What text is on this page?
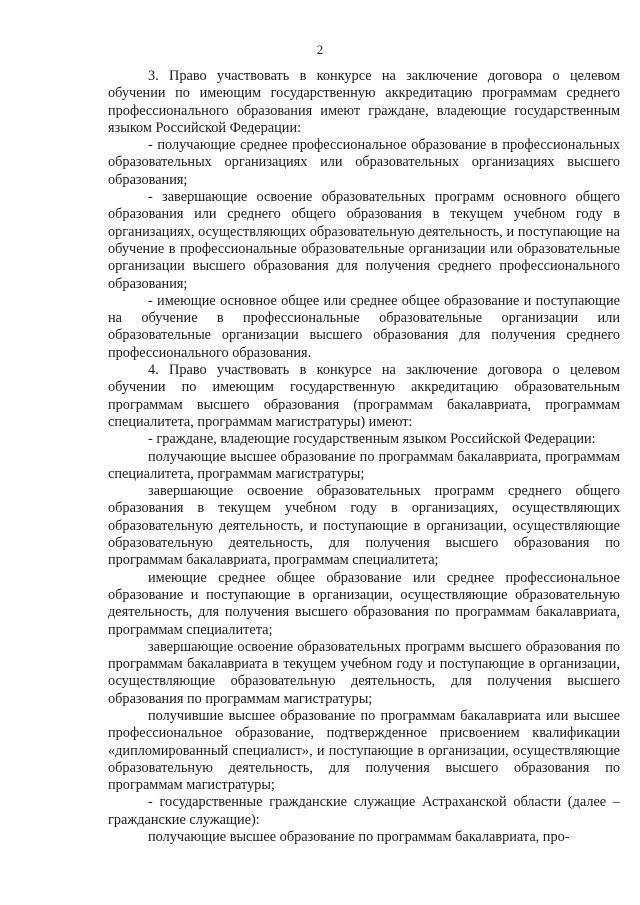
2

3. Право участвовать в конкурсе на заключение договора о целевом обучении по имеющим государственную аккредитацию программам среднего профессионального образования имеют граждане, владеющие государственным языком Российской Федерации:

- получающие среднее профессиональное образование в профессиональных образовательных организациях или образовательных организациях высшего образования;

- завершающие освоение образовательных программ основного общего образования или среднего общего образования в текущем учебном году в организациях, осуществляющих образовательную деятельность, и поступающие на обучение в профессиональные образовательные организации или образовательные организации высшего образования для получения среднего профессионального образования;

- имеющие основное общее или среднее общее образование и поступающие на обучение в профессиональные образовательные организации или образовательные организации высшего образования для получения среднего профессионального образования.

4. Право участвовать в конкурсе на заключение договора о целевом обучении по имеющим государственную аккредитацию образовательным программам высшего образования (программам бакалавриата, программам специалитета, программам магистратуры) имеют:

- граждане, владеющие государственным языком Российской Федерации:

получающие высшее образование по программам бакалавриата, программам специалитета, программам магистратуры;

завершающие освоение образовательных программ среднего общего образования в текущем учебном году в организациях, осуществляющих образовательную деятельность, и поступающие в организации, осуществляющие образовательную деятельность, для получения высшего образования по программам бакалавриата, программам специалитета;

имеющие среднее общее образование или среднее профессиональное образование и поступающие в организации, осуществляющие образовательную деятельность, для получения высшего образования по программам бакалавриата, программам специалитета;

завершающие освоение образовательных программ высшего образования по программам бакалавриата в текущем учебном году и поступающие в организации, осуществляющие образовательную деятельность, для получения высшего образования по программам магистратуры;

получившие высшее образование по программам бакалавриата или высшее профессиональное образование, подтвержденное присвоением квалификации «дипломированный специалист», и поступающие в организации, осуществляющие образовательную деятельность, для получения высшего образования по программам магистратуры;

- государственные гражданские служащие Астраханской области (далее – гражданские служащие):

получающие высшее образование по программам бакалавриата, про-
